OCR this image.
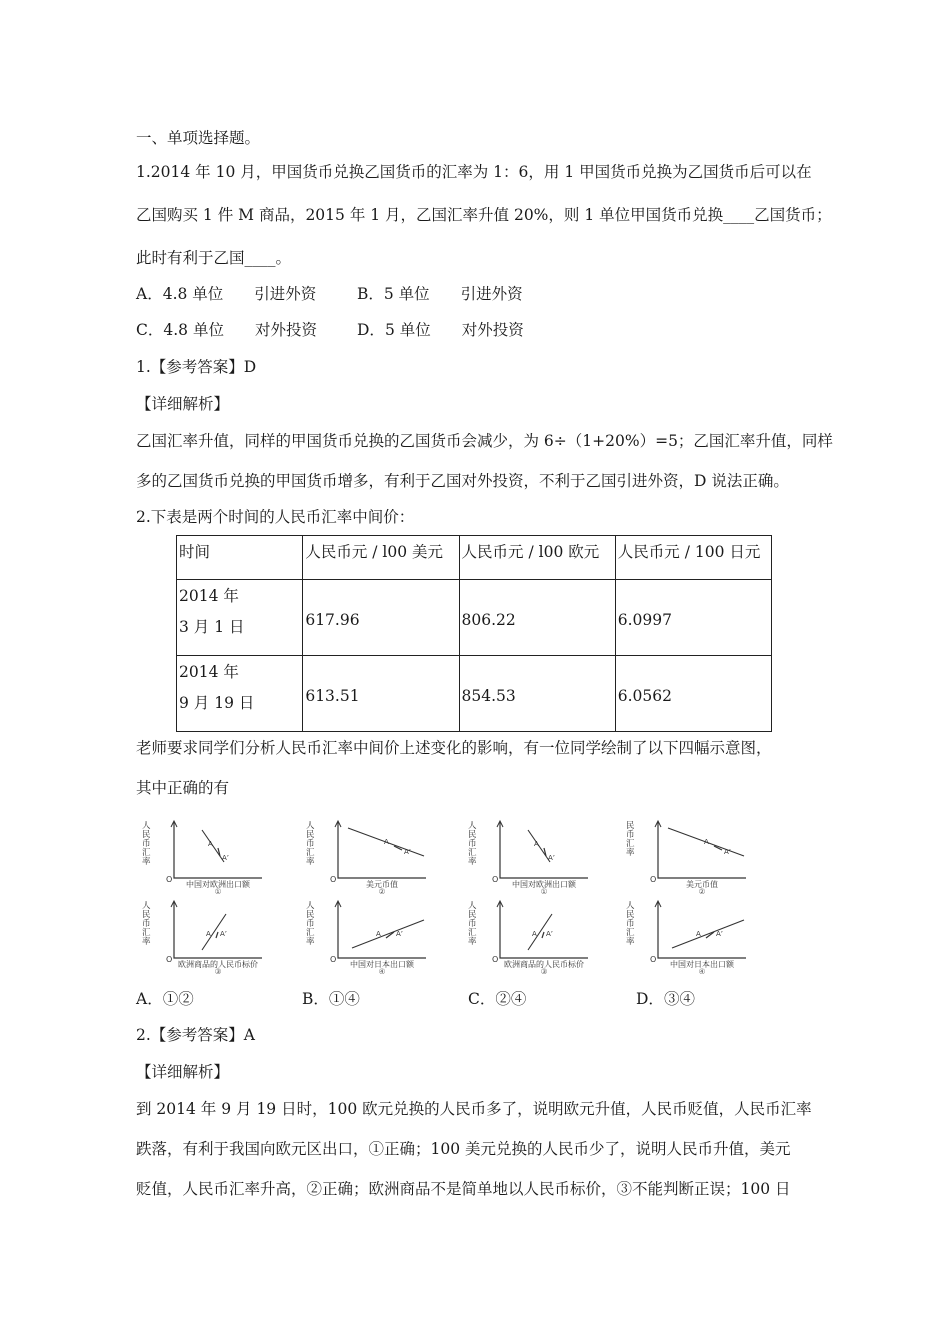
一、单项选择题。
1.2014 年 10 月，甲国货币兑换乙国货币的汇率为 1：6，用 1 甲国货币兑换为乙国货币后可以在
乙国购买 1 件 M 商品，2015 年 1 月，乙国汇率升值 20%，则 1 单位甲国货币兑换____乙国货币；
此时有利于乙国____。
A．4.8 单位　　引进外资	B．5 单位　　引进外资
C．4.8 单位　　对外投资	D．5 单位　　对外投资
1.【参考答案】D
【详细解析】
乙国汇率升值，同样的甲国货币兑换的乙国货币会减少，为 6÷（1+20%）=5；乙国汇率升值，同样
多的乙国货币兑换的甲国货币增多，有利于乙国对外投资，不利于乙国引进外资，D 说法正确。
2.下表是两个时间的人民币汇率中间价：
时间	人民币元 / l00 美元	人民币元 / l00 欧元	人民币元 / 100 日元

2014 年
3 月 1 日	617.96	806.22	6.0997

2014 年
9 月 19 日	613.51	854.53	6.0562
老师要求同学们分析人民币汇率中间价上述变化的影响，有一位同学绘制了以下四幅示意图，
其中正确的有
人民币汇率
O
A
A’
中国对欧洲出口额
①
人民币汇率
O
A
A’
美元币值
②
人民币汇率
O
A
A’
中国对欧洲出口额
①
民币汇率
O
A
A’
美元币值
②
人民币汇率
O
A A’
欧洲商品的人民币标价
③
人民币汇率
O
A A’
中国对日本出口额
④
人民币汇率
O
A A’
欧洲商品的人民币标价
③
人民币汇率
O
A A’
中国对日本出口额
④
A．①②	B．①④	C．②④	D．③④
2.【参考答案】A
【详细解析】
到 2014 年 9 月 19 日时，100 欧元兑换的人民币多了，说明欧元升值，人民币贬值，人民币汇率
跌落，有利于我国向欧元区出口，①正确；100 美元兑换的人民币少了，说明人民币升值，美元
贬值，人民币汇率升高，②正确；欧洲商品不是简单地以人民币标价，③不能判断正误；100 日
